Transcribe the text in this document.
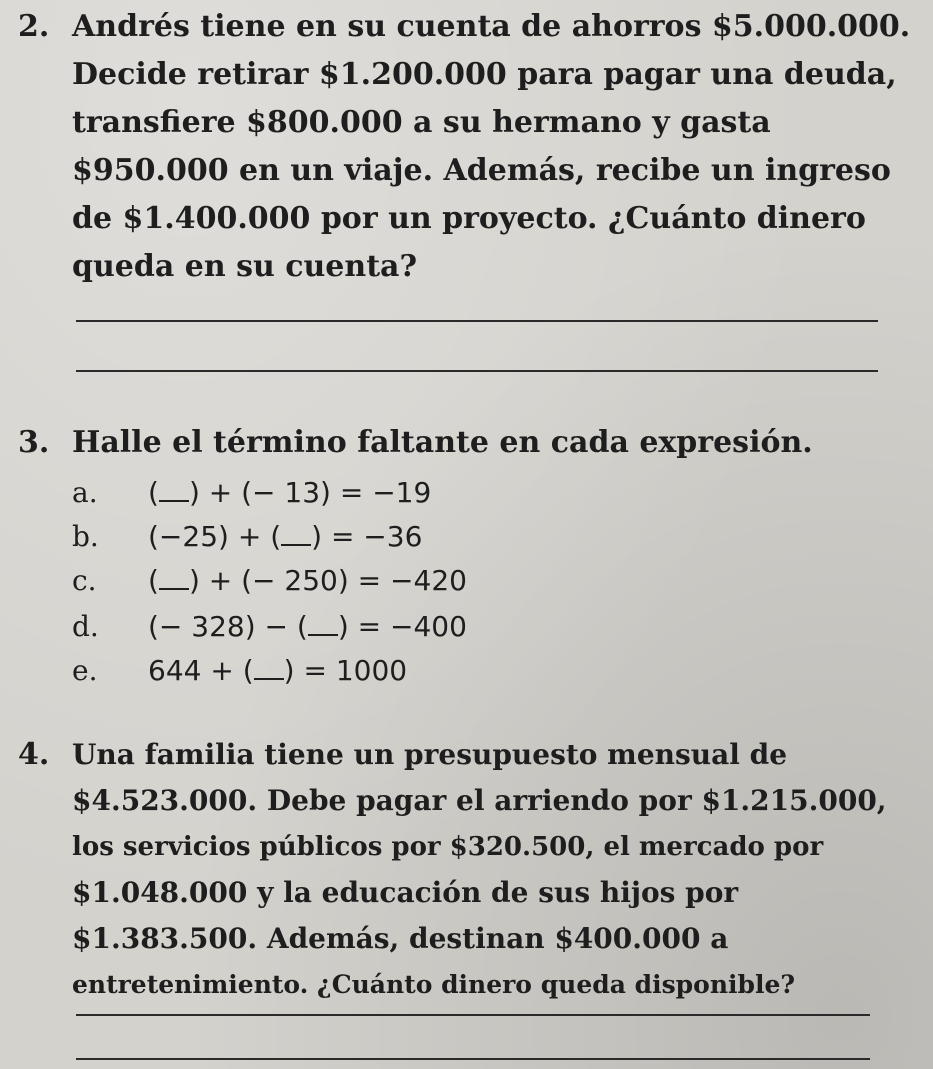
2. Andrés tiene en su cuenta de ahorros $5.000.000.
Decide retirar $1.200.000 para pagar una deuda,
transfiere $800.000 a su hermano y gasta
$950.000 en un viaje. Además, recibe un ingreso
de $1.400.000 por un proyecto. ¿Cuánto dinero
queda en su cuenta?
3. Halle el término faltante en cada expresión.
a. ( ) + (− 13) = −19
b. (−25) + ( ) = −36
c. ( ) + (− 250) = −420
d. (− 328) − ( ) = −400
e. 644 + ( ) = 1000
4. Una familia tiene un presupuesto mensual de
$4.523.000. Debe pagar el arriendo por $1.215.000,
los servicios públicos por $320.500, el mercado por
$1.048.000 y la educación de sus hijos por
$1.383.500. Además, destinan $400.000 a
entretenimiento. ¿Cuánto dinero queda disponible?
